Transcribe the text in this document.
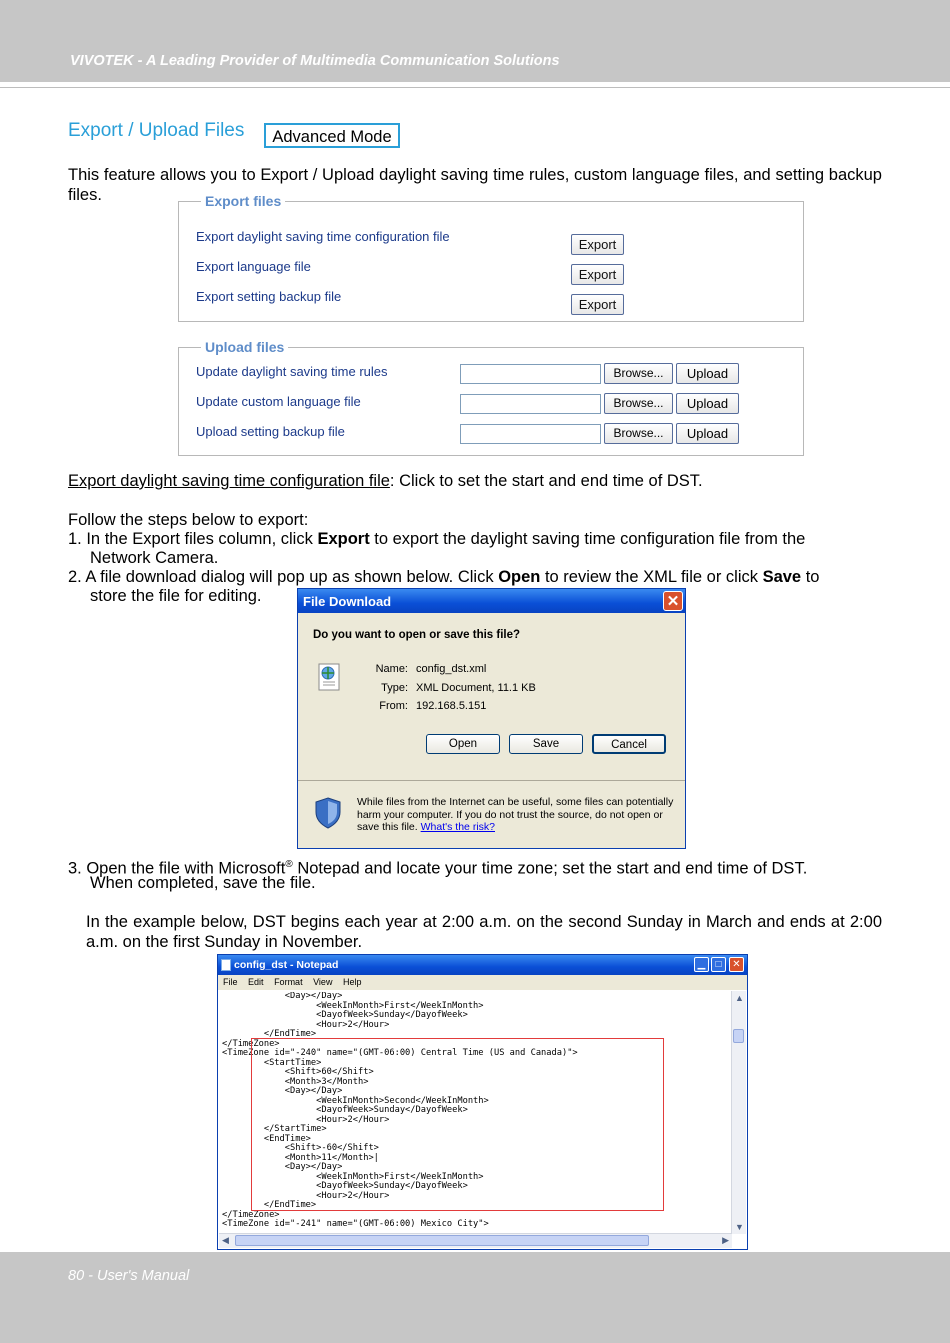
VIVOTEK - A Leading Provider of Multimedia Communication Solutions
Export / Upload Files	Advanced Mode
This feature allows you to Export / Upload daylight saving time rules, custom language files, and setting backup files.	Export files
Export daylight saving time configuration file
Export
Export language file
Export
Export setting backup file
Export
Upload files
Update daylight saving time rules	Browse...	Upload
Update custom language file	Browse...	Upload
Upload setting backup file	Browse...	Upload
Export daylight saving time configuration file: Click to set the start and end time of DST.
Follow the steps below to export:
1. In the Export files column, click Export to export the daylight saving time configuration file from the
Network Camera.
2. A file download dialog will pop up as shown below. Click Open to review the XML file or click Save to
store the file for editing.	File Download	✕
Do you want to open or save this file?
Name: config_dst.xml
Type: XML Document, 11.1 KB
From: 192.168.5.151
Open	Save	Cancel
While files from the Internet can be useful, some files can potentially harm your computer. If you do not trust the source, do not open or save this file. What's the risk?
3. Open the file with Microsoft® Notepad and locate your time zone; set the start and end time of DST.
When completed, save the file.
In the example below, DST begins each year at 2:00 a.m. on the second Sunday in March and ends at 2:00 a.m. on the first Sunday in November.
config_dst - Notepad	▁	□	✕
File Edit Format View Help
<Day></Day>
<WeekInMonth>First</WeekInMonth>
<DayofWeek>Sunday</DayofWeek>
<Hour>2</Hour>
</EndTime>
</TimeZone>
<TimeZone id="-240" name="(GMT-06:00) Central Time (US and Canada)">
<StartTime>
<Shift>60</Shift>
<Month>3</Month>
<Day></Day>
<WeekInMonth>Second</WeekInMonth>
<DayofWeek>Sunday</DayofWeek>
<Hour>2</Hour>
</StartTime>
<EndTime>
<Shift>-60</Shift>
<Month>11</Month>|
<Day></Day>
<WeekInMonth>First</WeekInMonth>
<DayofWeek>Sunday</DayofWeek>
<Hour>2</Hour>
</EndTime>
</TimeZone>
<TimeZone id="-241" name="(GMT-06:00) Mexico City">
▲
▼
◀	▶
80 - User's Manual
